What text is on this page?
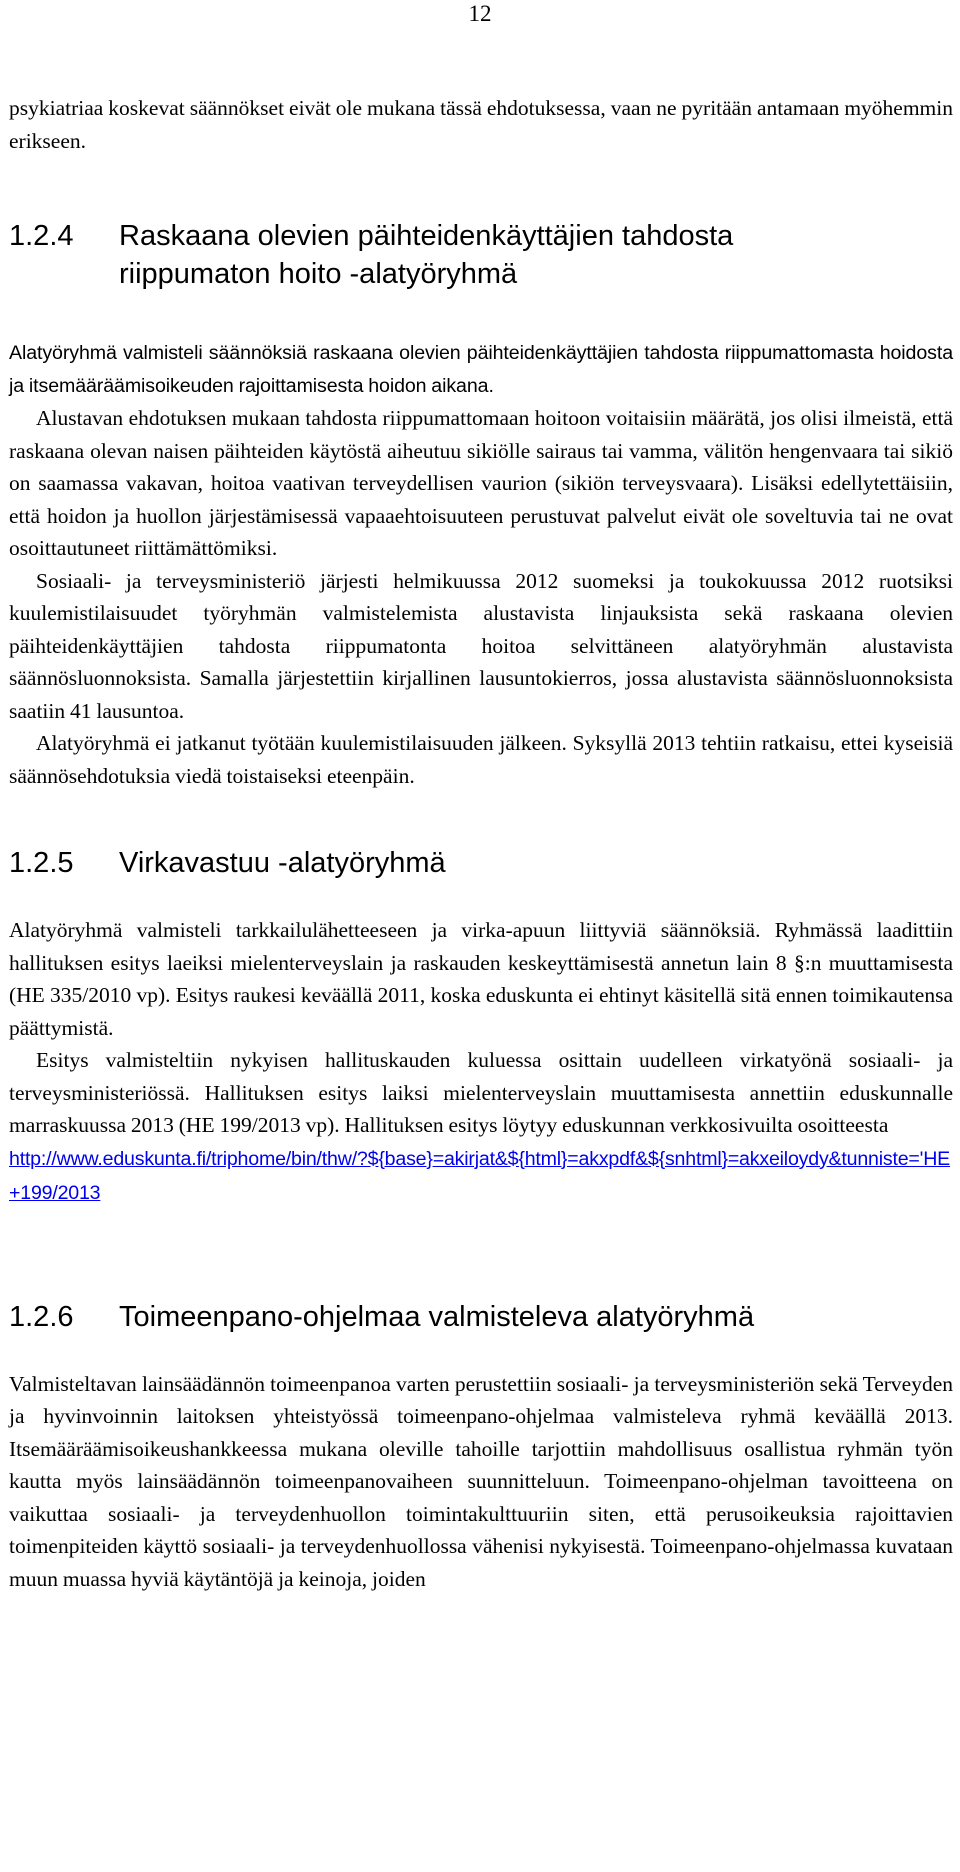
12

psykiatriaa koskevat säännökset eivät ole mukana tässä ehdotuksessa, vaan ne pyritään antamaan myöhemmin erikseen.

1.2.4	Raskaana olevien päihteidenkäyttäjien tahdosta riippumaton hoito -alatyöryhmä

Alatyöryhmä valmisteli säännöksiä raskaana olevien päihteidenkäyttäjien tahdosta riippumattomasta hoidosta ja itsemääräämisoikeuden rajoittamisesta hoidon aikana.

Alustavan ehdotuksen mukaan tahdosta riippumattomaan hoitoon voitaisiin määrätä, jos olisi ilmeistä, että raskaana olevan naisen päihteiden käytöstä aiheutuu sikiölle sairaus tai vamma, välitön hengenvaara tai sikiö on saamassa vakavan, hoitoa vaativan terveydellisen vaurion (sikiön terveysvaara). Lisäksi edellytettäisiin, että hoidon ja huollon järjestämisessä vapaaehtoisuuteen perustuvat palvelut eivät ole soveltuvia tai ne ovat osoittautuneet riittämättömiksi.

Sosiaali- ja terveysministeriö järjesti helmikuussa 2012 suomeksi ja toukokuussa 2012 ruotsiksi kuulemistilaisuudet työryhmän valmistelemista alustavista linjauksista sekä raskaana olevien päihteidenkäyttäjien tahdosta riippumatonta hoitoa selvittäneen alatyöryhmän alustavista säännösluonnoksista. Samalla järjestettiin kirjallinen lausuntokierros, jossa alustavista säännösluonnoksista saatiin 41 lausuntoa.

Alatyöryhmä ei jatkanut työtään kuulemistilaisuuden jälkeen. Syksyllä 2013 tehtiin ratkaisu, ettei kyseisiä säännösehdotuksia viedä toistaiseksi eteenpäin.

1.2.5	Virkavastuu -alatyöryhmä

Alatyöryhmä valmisteli tarkkailulähetteeseen ja virka-apuun liittyviä säännöksiä. Ryhmässä laadittiin hallituksen esitys laeiksi mielenterveyslain ja raskauden keskeyttämisestä annetun lain 8 §:n muuttamisesta (HE 335/2010 vp). Esitys raukesi keväällä 2011, koska eduskunta ei ehtinyt käsitellä sitä ennen toimikautensa päättymistä.

Esitys valmisteltiin nykyisen hallituskauden kuluessa osittain uudelleen virkatyönä sosiaali- ja terveysministeriössä. Hallituksen esitys laiksi mielenterveyslain muuttamisesta annettiin eduskunnalle marraskuussa 2013 (HE 199/2013 vp). Hallituksen esitys löytyy eduskunnan verkkosivuilta osoitteesta

http://www.eduskunta.fi/triphome/bin/thw/?${base}=akirjat&${html}=akxpdf&${snhtml}=akxeiloydy&tunniste='HE+199/2013
1.2.6	Toimeenpano-ohjelmaa valmisteleva alatyöryhmä

Valmisteltavan lainsäädännön toimeenpanoa varten perustettiin sosiaali- ja terveysministeriön sekä Terveyden ja hyvinvoinnin laitoksen yhteistyössä toimeenpano-ohjelmaa valmisteleva ryhmä keväällä 2013. Itsemääräämisoikeushankkeessa mukana oleville tahoille tarjottiin mahdollisuus osallistua ryhmän työn kautta myös lainsäädännön toimeenpanovaiheen suunnitteluun. Toimeenpano-ohjelman tavoitteena on vaikuttaa sosiaali- ja terveydenhuollon toimintakulttuuriin siten, että perusoikeuksia rajoittavien toimenpiteiden käyttö sosiaali- ja terveydenhuollossa vähenisi nykyisestä. Toimeenpano-ohjelmassa kuvataan muun muassa hyviä käytäntöjä ja keinoja, joiden
